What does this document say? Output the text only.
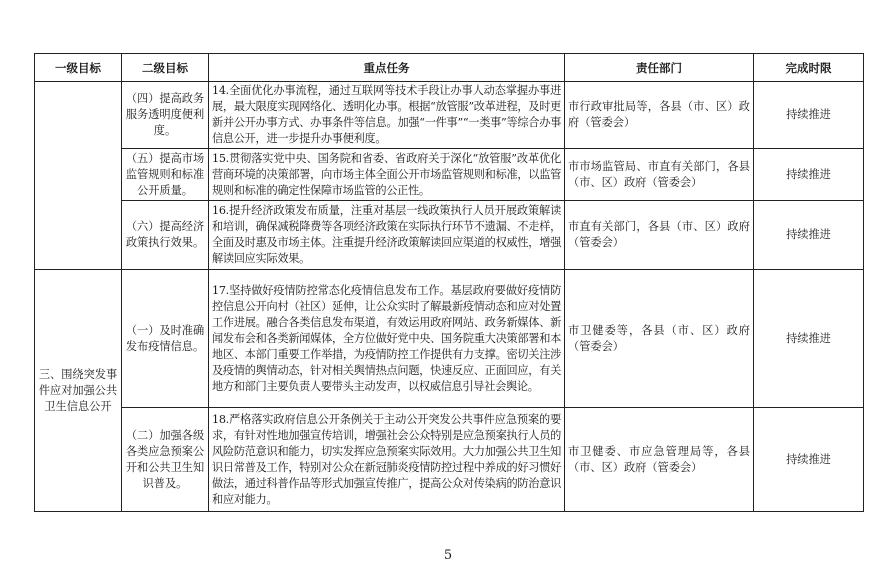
一级目标	二级目标	重点任务	责任部门	完成时限
	（四）提高政务服务透明度便利度。	14.全面优化办事流程，通过互联网等技术手段让办事人动态掌握办事进展，最大限度实现网络化、透明化办事。根据“放管服”改革进程，及时更新并公开办事方式、办事条件等信息。加强“一件事”“一类事”等综合办事信息公开，进一步提升办事便利度。	市行政审批局等，各县（市、区）政府（管委会）	持续推进
	（五）提高市场监管规则和标准公开质量。	15.贯彻落实党中央、国务院和省委、省政府关于深化“放管服”改革优化营商环境的决策部署，向市场主体全面公开市场监管规则和标准，以监管规则和标准的确定性保障市场监管的公正性。	市市场监管局、市直有关部门，各县（市、区）政府（管委会）	持续推进
	（六）提高经济政策执行效果。	16.提升经济政策发布质量，注重对基层一线政策执行人员开展政策解读和培训，确保减税降费等各项经济政策在实际执行环节不遗漏、不走样，全面及时惠及市场主体。注重提升经济政策解读回应渠道的权威性，增强解读回应实际效果。	市直有关部门，各县（市、区）政府（管委会）	持续推进
三、围绕突发事件应对加强公共卫生信息公开	（一）及时准确发布疫情信息。	17.坚持做好疫情防控常态化疫情信息发布工作。基层政府要做好疫情防控信息公开向村（社区）延伸，让公众实时了解最新疫情动态和应对处置工作进展。融合各类信息发布渠道，有效运用政府网站、政务新媒体、新闻发布会和各类新闻媒体，全方位做好党中央、国务院重大决策部署和本地区、本部门重要工作举措，为疫情防控工作提供有力支撑。密切关注涉及疫情的舆情动态，针对相关舆情热点问题，快速反应、正面回应，有关地方和部门主要负责人要带头主动发声，以权威信息引导社会舆论。	市卫健委等，各县（市、区）政府（管委会）	持续推进
	（二）加强各级各类应急预案公开和公共卫生知识普及。	18.严格落实政府信息公开条例关于主动公开突发公共事件应急预案的要求，有针对性地加强宣传培训，增强社会公众特别是应急预案执行人员的风险防范意识和能力，切实发挥应急预案实际效用。大力加强公共卫生知识日常普及工作，特别对公众在新冠肺炎疫情防控过程中养成的好习惯好做法，通过科普作品等形式加强宣传推广，提高公众对传染病的防治意识和应对能力。	市卫健委、市应急管理局等，各县（市、区）政府（管委会）	持续推进
5
